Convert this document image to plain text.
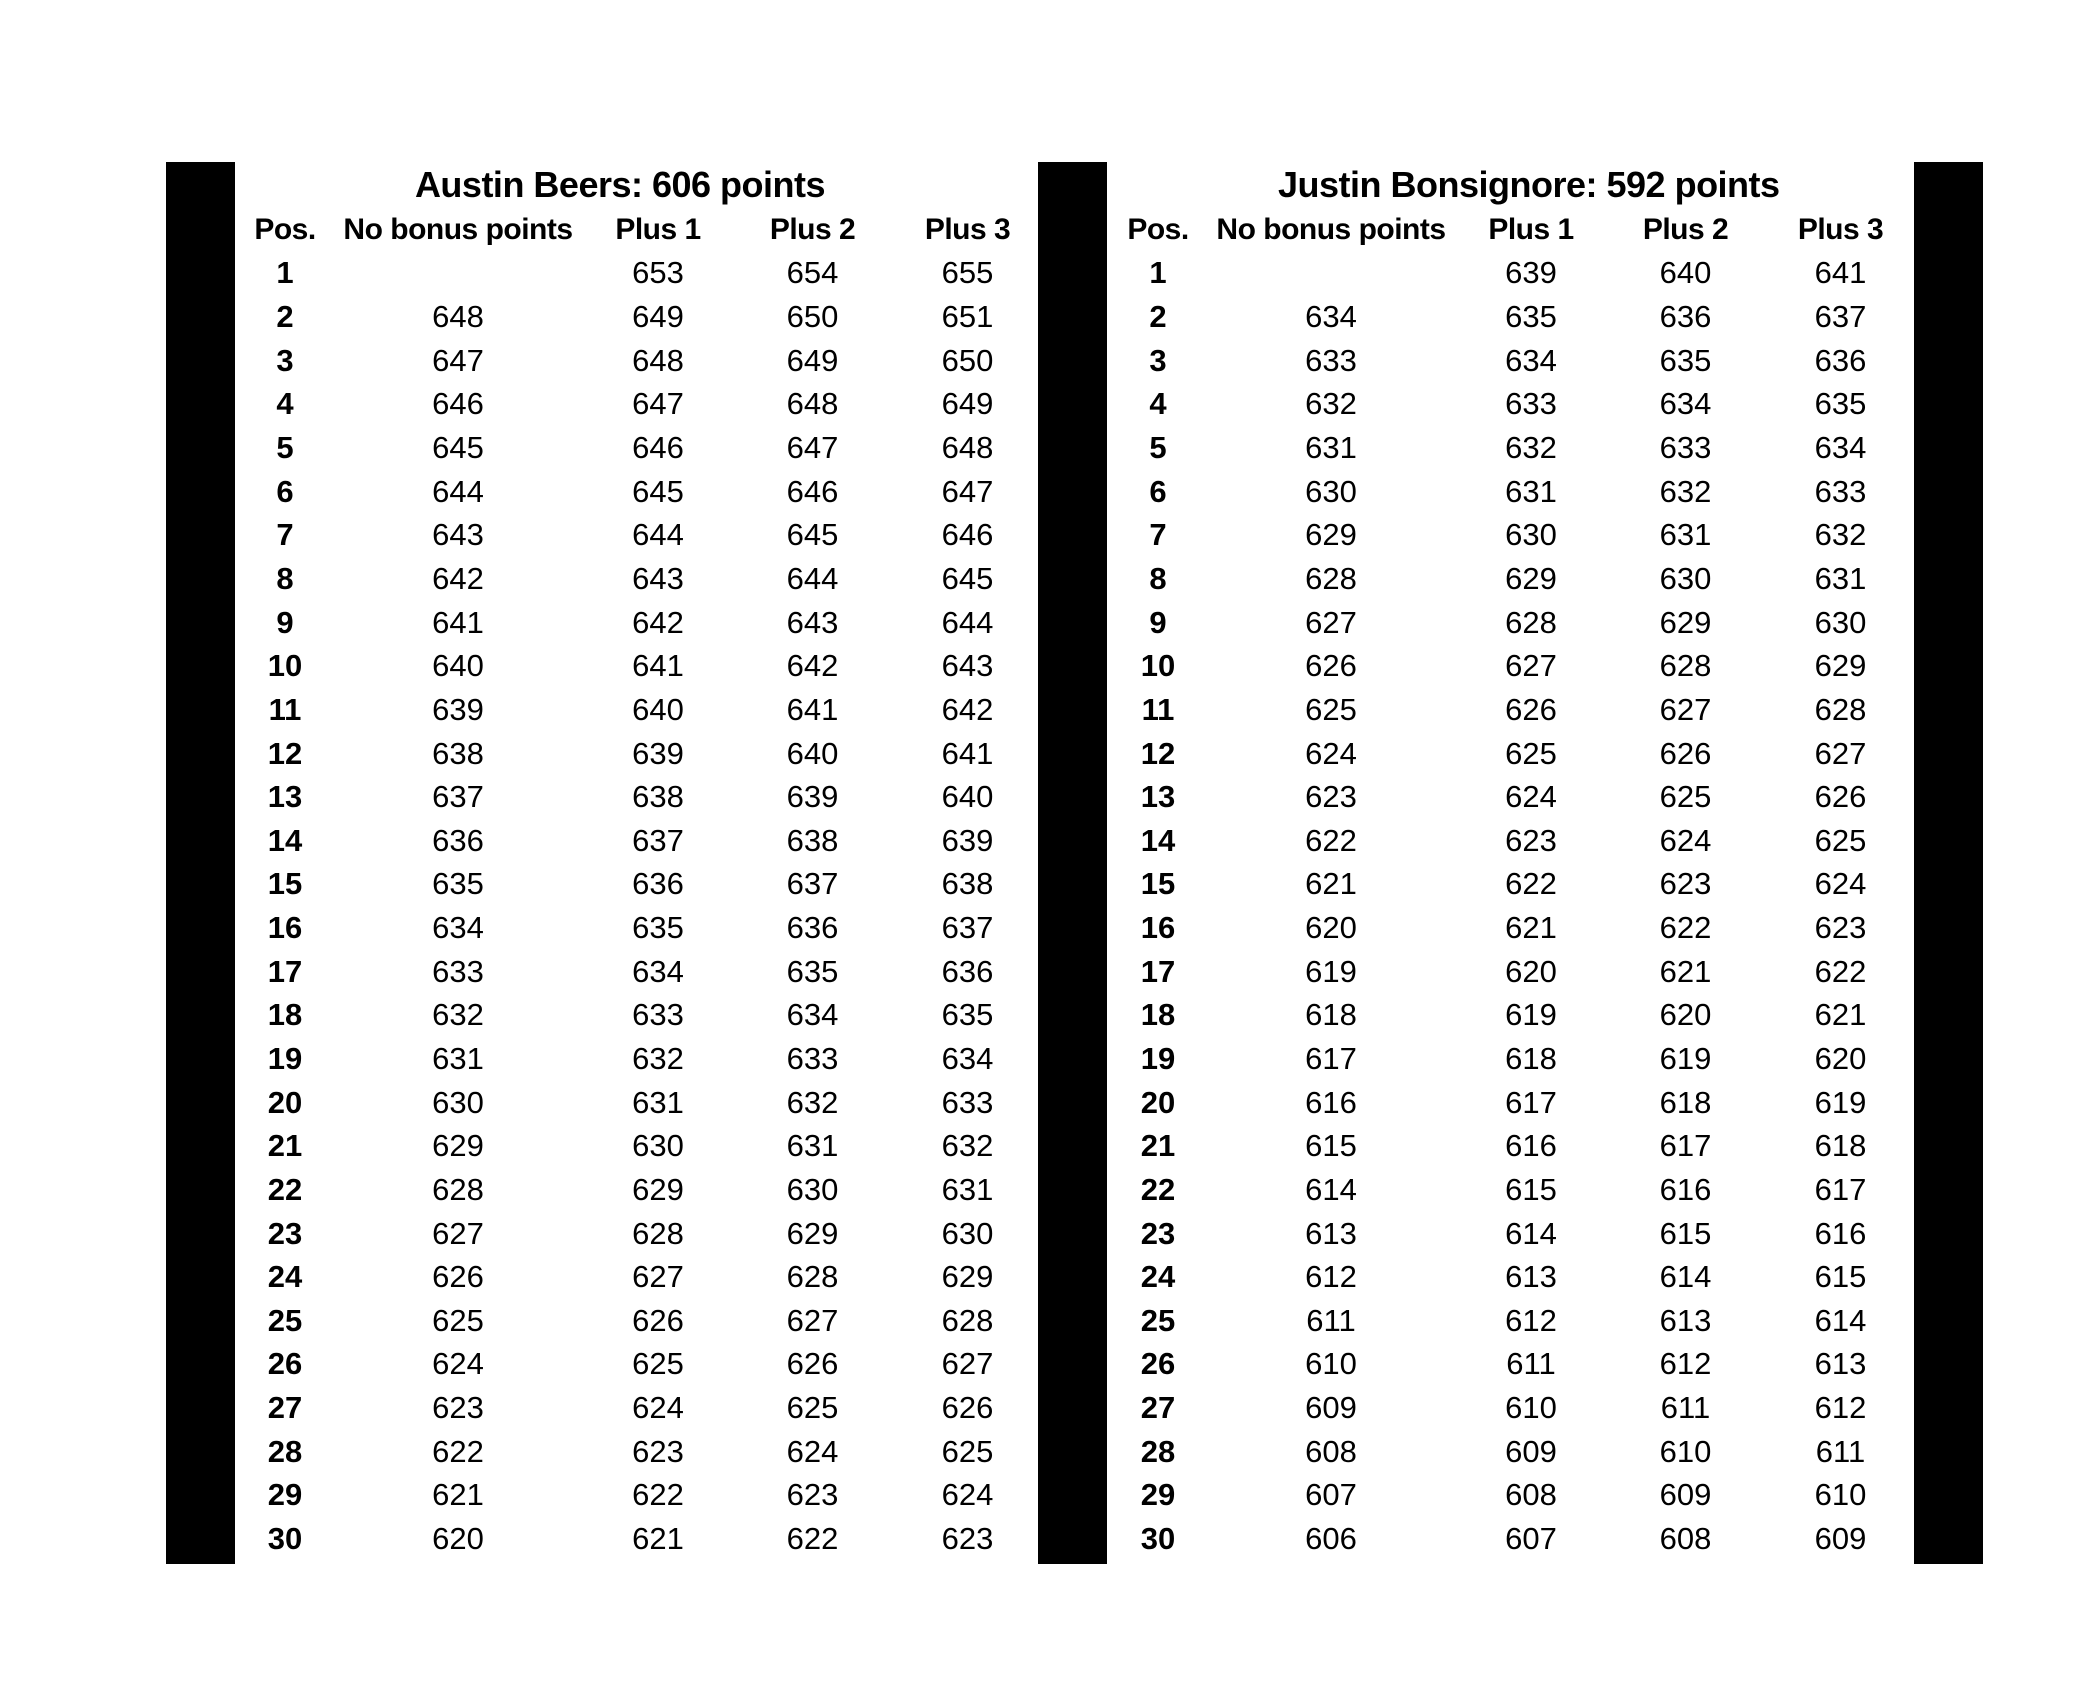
Austin Beers: 606 points
Pos.	No bonus points	Plus 1	Plus 2	Plus 3
1		653	654	655
2	648	649	650	651
3	647	648	649	650
4	646	647	648	649
5	645	646	647	648
6	644	645	646	647
7	643	644	645	646
8	642	643	644	645
9	641	642	643	644
10	640	641	642	643
11	639	640	641	642
12	638	639	640	641
13	637	638	639	640
14	636	637	638	639
15	635	636	637	638
16	634	635	636	637
17	633	634	635	636
18	632	633	634	635
19	631	632	633	634
20	630	631	632	633
21	629	630	631	632
22	628	629	630	631
23	627	628	629	630
24	626	627	628	629
25	625	626	627	628
26	624	625	626	627
27	623	624	625	626
28	622	623	624	625
29	621	622	623	624
30	620	621	622	623
Justin Bonsignore: 592 points
Pos.	No bonus points	Plus 1	Plus 2	Plus 3
1		639	640	641
2	634	635	636	637
3	633	634	635	636
4	632	633	634	635
5	631	632	633	634
6	630	631	632	633
7	629	630	631	632
8	628	629	630	631
9	627	628	629	630
10	626	627	628	629
11	625	626	627	628
12	624	625	626	627
13	623	624	625	626
14	622	623	624	625
15	621	622	623	624
16	620	621	622	623
17	619	620	621	622
18	618	619	620	621
19	617	618	619	620
20	616	617	618	619
21	615	616	617	618
22	614	615	616	617
23	613	614	615	616
24	612	613	614	615
25	611	612	613	614
26	610	611	612	613
27	609	610	611	612
28	608	609	610	611
29	607	608	609	610
30	606	607	608	609
